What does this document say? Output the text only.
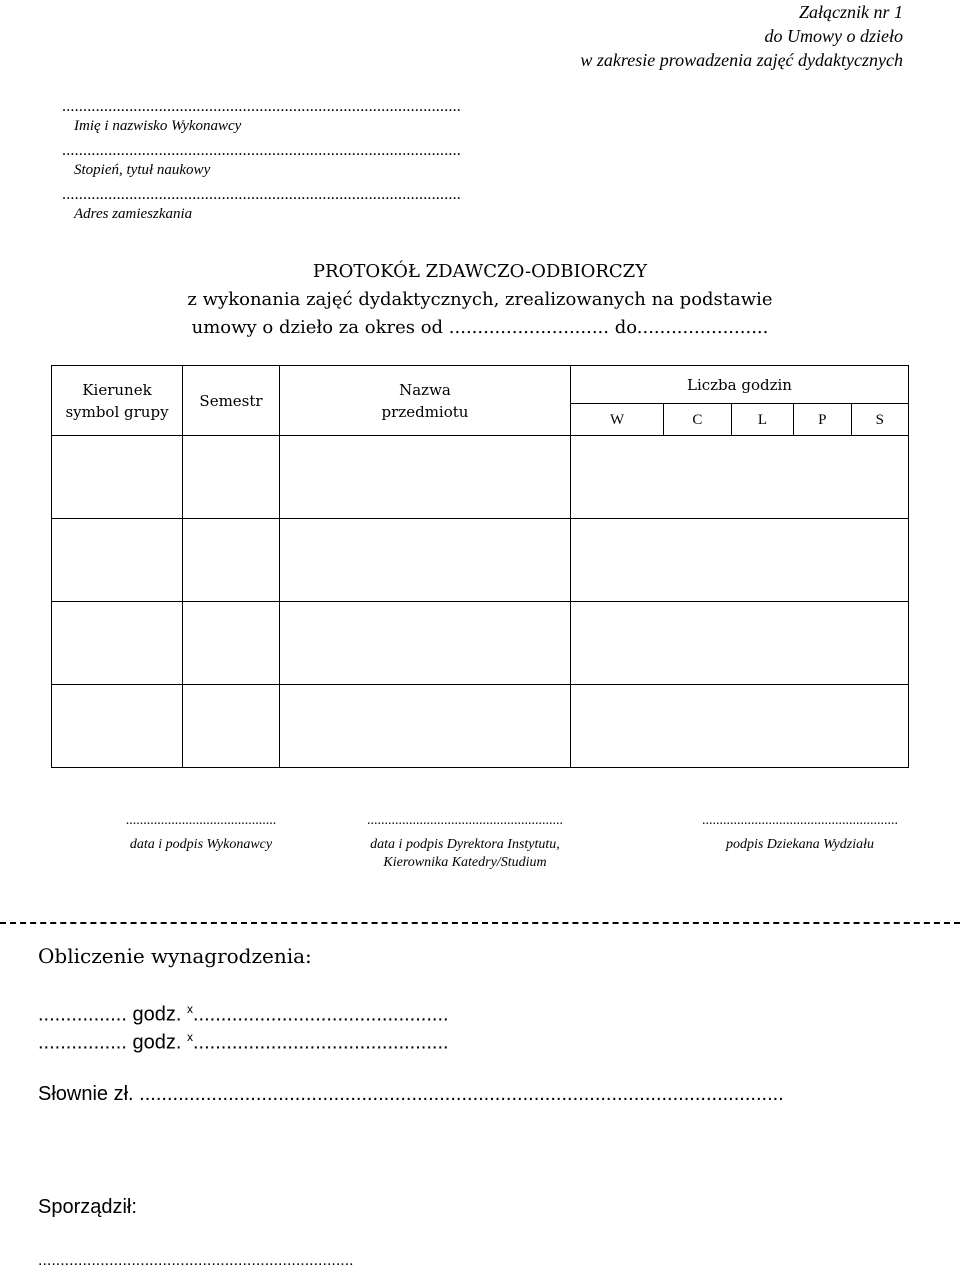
Załącznik nr 1
do Umowy o dzieło
w zakresie prowadzenia zajęć dydaktycznych
...............................................................................................
Imię i nazwisko Wykonawcy
...............................................................................................
Stopień, tytuł naukowy
...............................................................................................
Adres zamieszkania
PROTOKÓŁ ZDAWCZO-ODBIORCZY
z wykonania zajęć dydaktycznych, zrealizowanych na podstawie
umowy o dzieło za okres od ............................ do.......................
Kierunek symbol grupy	Semestr	Nazwa przedmiotu	Liczba godzin				
			W	C	L	P	S

...........................................
data i podpis Wykonawcy
........................................................
data i podpis Dyrektora Instytutu,
Kierownika Katedry/Studium
........................................................
podpis Dziekana Wydziału
Obliczenie wynagrodzenia:
................ godz. $^x$..............................................
................ godz. $^x$..............................................
Słownie zł. ....................................................................................................................
Sporządził:
.......................................................................
